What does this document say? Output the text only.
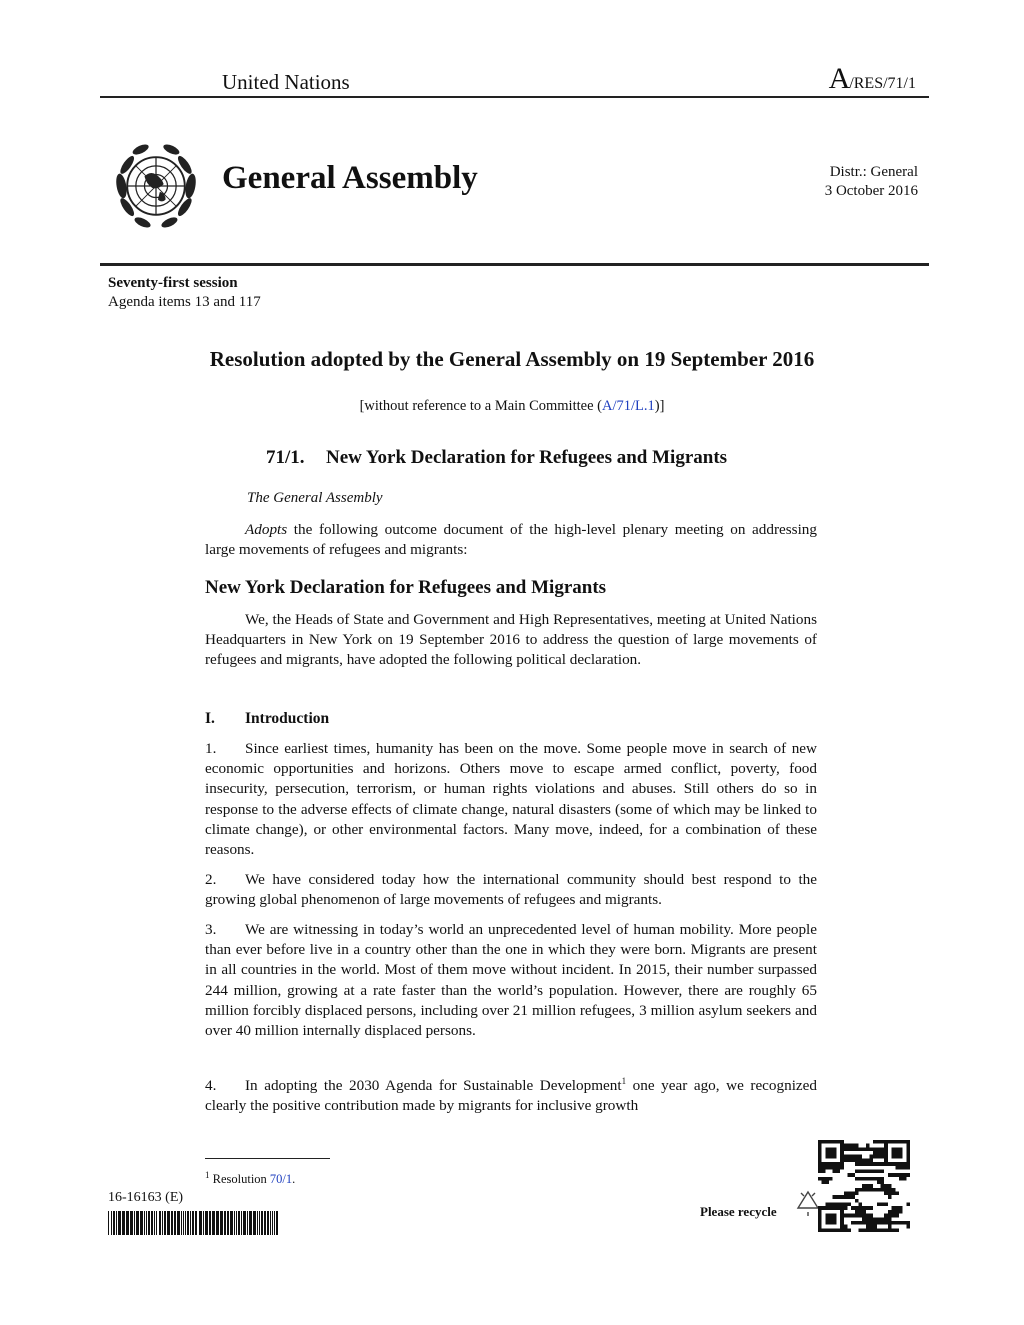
United Nations	A/RES/71/1
General Assembly	Distr.: General
3 October 2016
Seventy-first session
Agenda items 13 and 117
Resolution adopted by the General Assembly on 19 September 2016
[without reference to a Main Committee (A/71/L.1)]
71/1. New York Declaration for Refugees and Migrants
The General Assembly
Adopts the following outcome document of the high-level plenary meeting on addressing large movements of refugees and migrants:
New York Declaration for Refugees and Migrants
We, the Heads of State and Government and High Representatives, meeting at United Nations Headquarters in New York on 19 September 2016 to address the question of large movements of refugees and migrants, have adopted the following political declaration.
I. Introduction
1. Since earliest times, humanity has been on the move. Some people move in search of new economic opportunities and horizons. Others move to escape armed conflict, poverty, food insecurity, persecution, terrorism, or human rights violations and abuses. Still others do so in response to the adverse effects of climate change, natural disasters (some of which may be linked to climate change), or other environmental factors. Many move, indeed, for a combination of these reasons.
2. We have considered today how the international community should best respond to the growing global phenomenon of large movements of refugees and migrants.
3. We are witnessing in today’s world an unprecedented level of human mobility. More people than ever before live in a country other than the one in which they were born. Migrants are present in all countries in the world. Most of them move without incident. In 2015, their number surpassed 244 million, growing at a rate faster than the world’s population. However, there are roughly 65 million forcibly displaced persons, including over 21 million refugees, 3 million asylum seekers and over 40 million internally displaced persons.
4. In adopting the 2030 Agenda for Sustainable Development$^1$ one year ago, we recognized clearly the positive contribution made by migrants for inclusive growth
$^1$ Resolution 70/1.
16-16163 (E)
Please recycle
